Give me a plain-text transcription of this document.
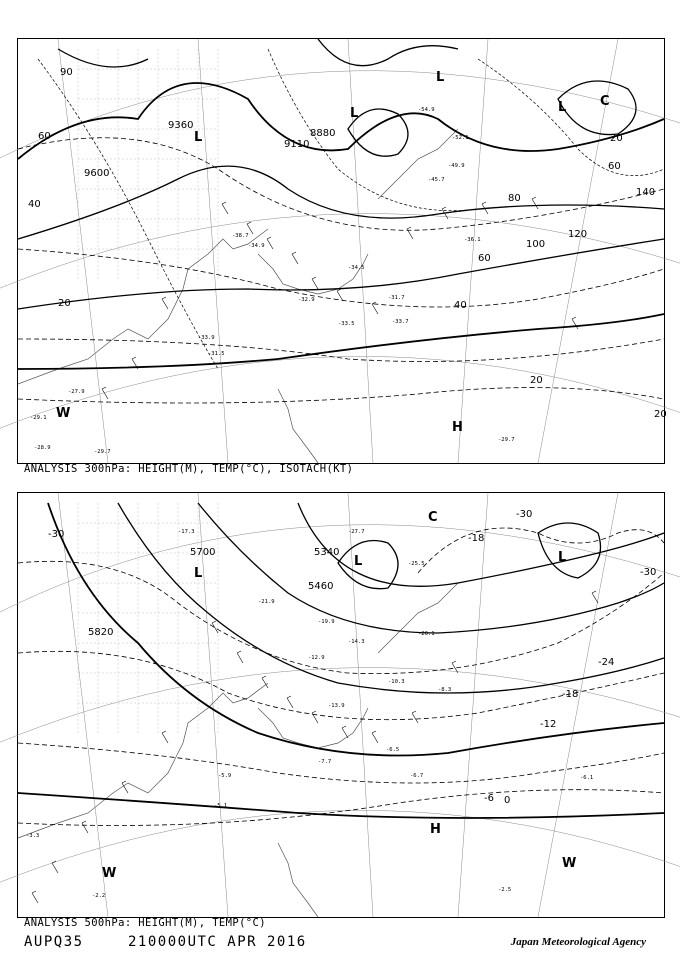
9360
9600
9110
8880
20
40
60
80
100
120
140
20
40
60
20
20
90
60
-33.9
-31.5
-32.9
-33.5	-33.7
-31.7
-34.5
-36.1
-34.9
-45.7
-49.9
-52.1
-54.9
-27.9
-29.1
-28.9
-29.7
-29.7
-38.7
L
L
L
L	C
W
H
ANALYSIS 300hPa: HEIGHT(M), TEMP(°C), ISOTACH(KT)
5700
5820
5340
5460
-30
-24
-18
-12
-6
-30
-18
0
-30	-17.3	-27.7
-25.5
-20.1
-12.9
-10.3
-8.3
-7.7
-6.5
-6.7
-5.1
-2.2
-2.5
-6.1
-3.3
-5.9
-13.9
-14.3
-19.9
-21.9
L
L	L
C
W
W
H
ANALYSIS 500hPa: HEIGHT(M), TEMP(°C)
AUPQ35	210000UTC APR 2016	Japan Meteorological Agency
